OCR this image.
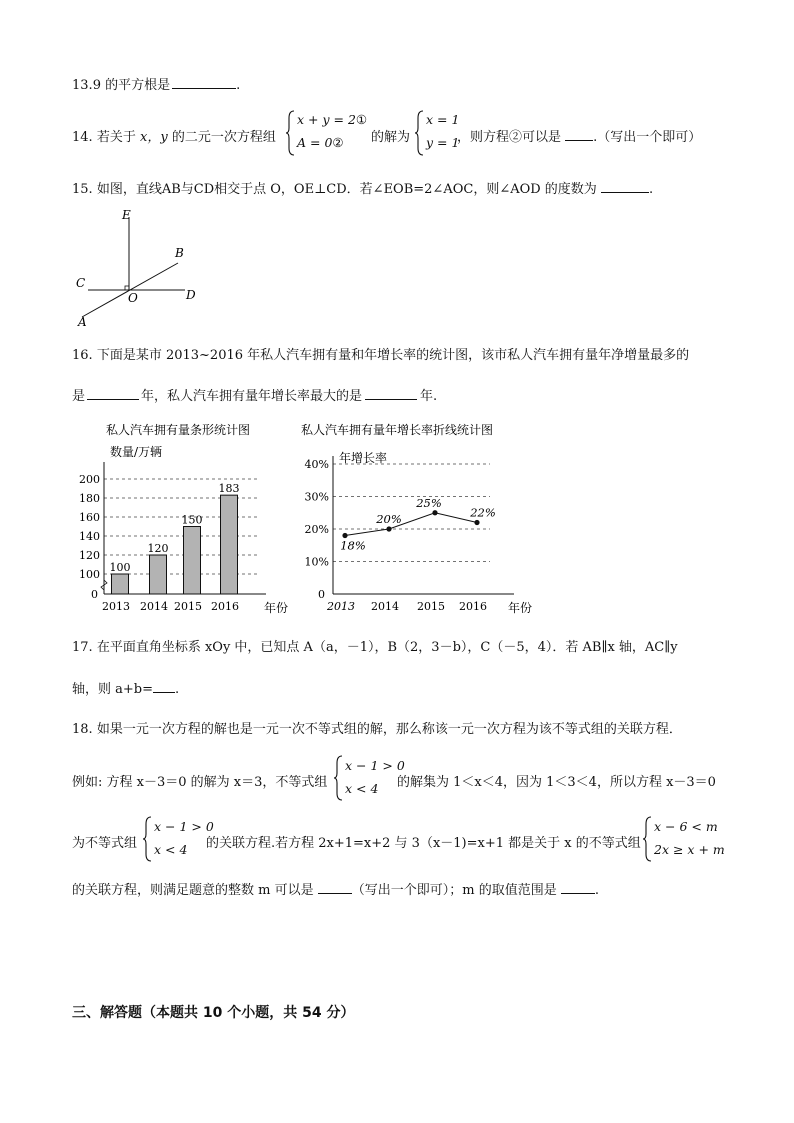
13.9 的平方根是	.
14. 若关于 x，y 的二元一次方程组
x + y = 2①
A = 0② 的解为
x = 1
y = 1
，则方程②可以是 .（写出一个即可）
15. 如图，直线AB与CD相交于点 O，OE⊥CD．若∠EOB=2∠AOC，则∠AOD 的度数为	.
E
B
C
O	D
A
16. 下面是某市 2013~2016 年私人汽车拥有量和年增长率的统计图，该市私人汽车拥有量年净增量最多的
是	年，私人汽车拥有量年增长率最大的是	年.
私人汽车拥有量条形统计图
数量/万辆
100
120
140
160
180
200
0
100
2013
120
2014
150
2015
183
2016 年份
私人汽车拥有量年增长率折线统计图
年增长率
10%
20%
30%
40%
0
18%
2013
20%
2014
25%
2015
22%
2016 年份
17. 在平面直角坐标系 xOy 中，已知点 A（a，－1），B（2，3－b），C（－5，4）．若 AB∥x 轴，AC∥y
轴，则 a+b= .
18. 如果一元一次方程的解也是一元一次不等式组的解，那么称该一元一次方程为该不等式组的关联方程．
例如: 方程 x－3＝0 的解为 x＝3，不等式组
x − 1 > 0
x < 4 的解集为 1＜x＜4，因为 1＜3＜4，所以方程 x－3＝0
为不等式组
x − 1 > 0
x < 4 的关联方程.若方程 2x+1=x+2 与 3（x－1)=x+1 都是关于 x 的不等式组
x − 6 < m
2x ≥ x + m
的关联方程，则满足题意的整数 m 可以是	（写出一个即可）；m 的取值范围是	.
三、解答题（本题共 10 个小题，共 54 分）
